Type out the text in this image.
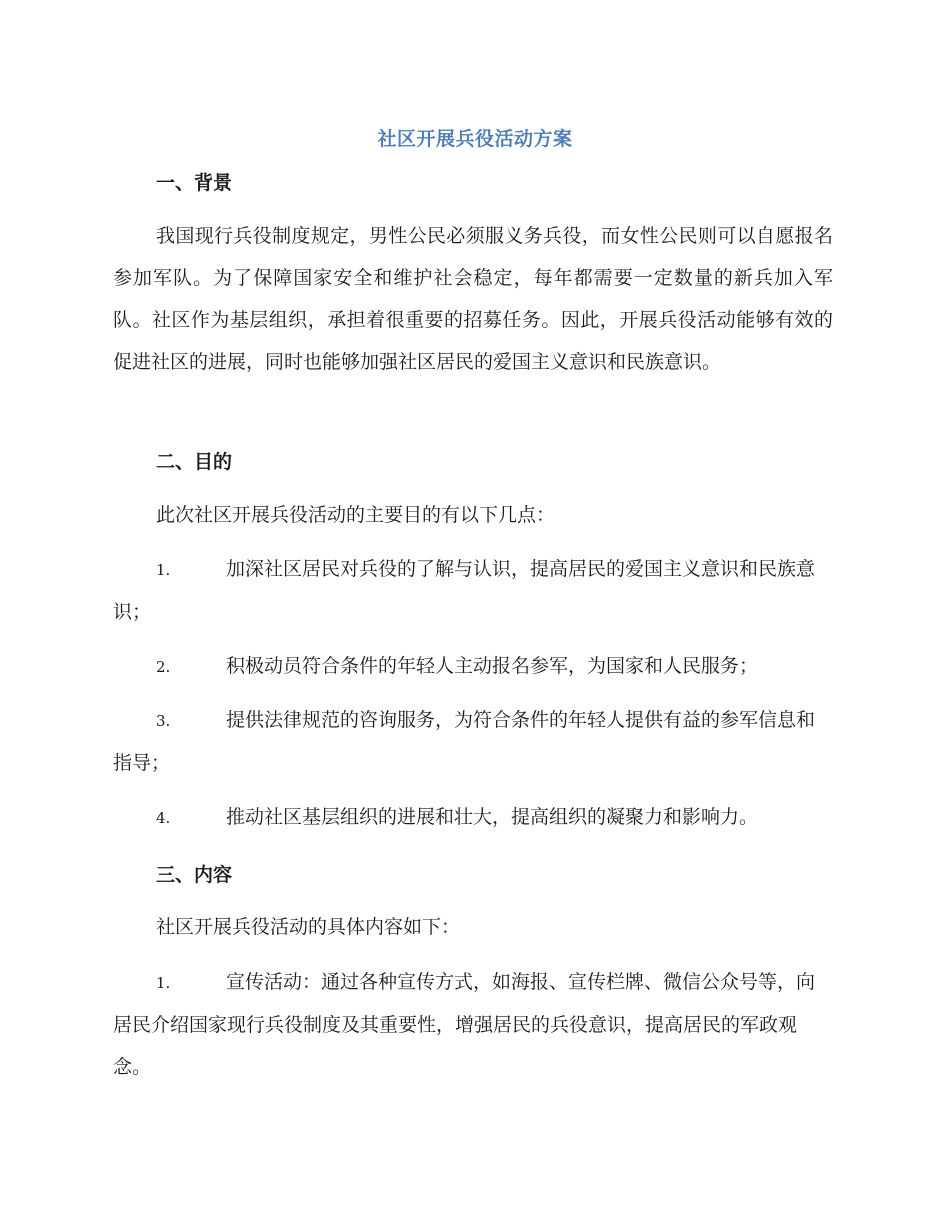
社区开展兵役活动方案
一、背景

我国现行兵役制度规定，男性公民必须服义务兵役，而女性公民则可以自愿报名参加军队。为了保障国家安全和维护社会稳定，每年都需要一定数量的新兵加入军队。社区作为基层组织，承担着很重要的招募任务。因此，开展兵役活动能够有效的促进社区的进展，同时也能够加强社区居民的爱国主义意识和民族意识。

二、目的

此次社区开展兵役活动的主要目的有以下几点：

1.	加深社区居民对兵役的了解与认识，提高居民的爱国主义意识和民族意识；

2.	积极动员符合条件的年轻人主动报名参军，为国家和人民服务；

3.	提供法律规范的咨询服务，为符合条件的年轻人提供有益的参军信息和指导；

4.	推动社区基层组织的进展和壮大，提高组织的凝聚力和影响力。

三、内容

社区开展兵役活动的具体内容如下：

1.	宣传活动：通过各种宣传方式，如海报、宣传栏牌、微信公众号等，向居民介绍国家现行兵役制度及其重要性，增强居民的兵役意识，提高居民的军政观念。
